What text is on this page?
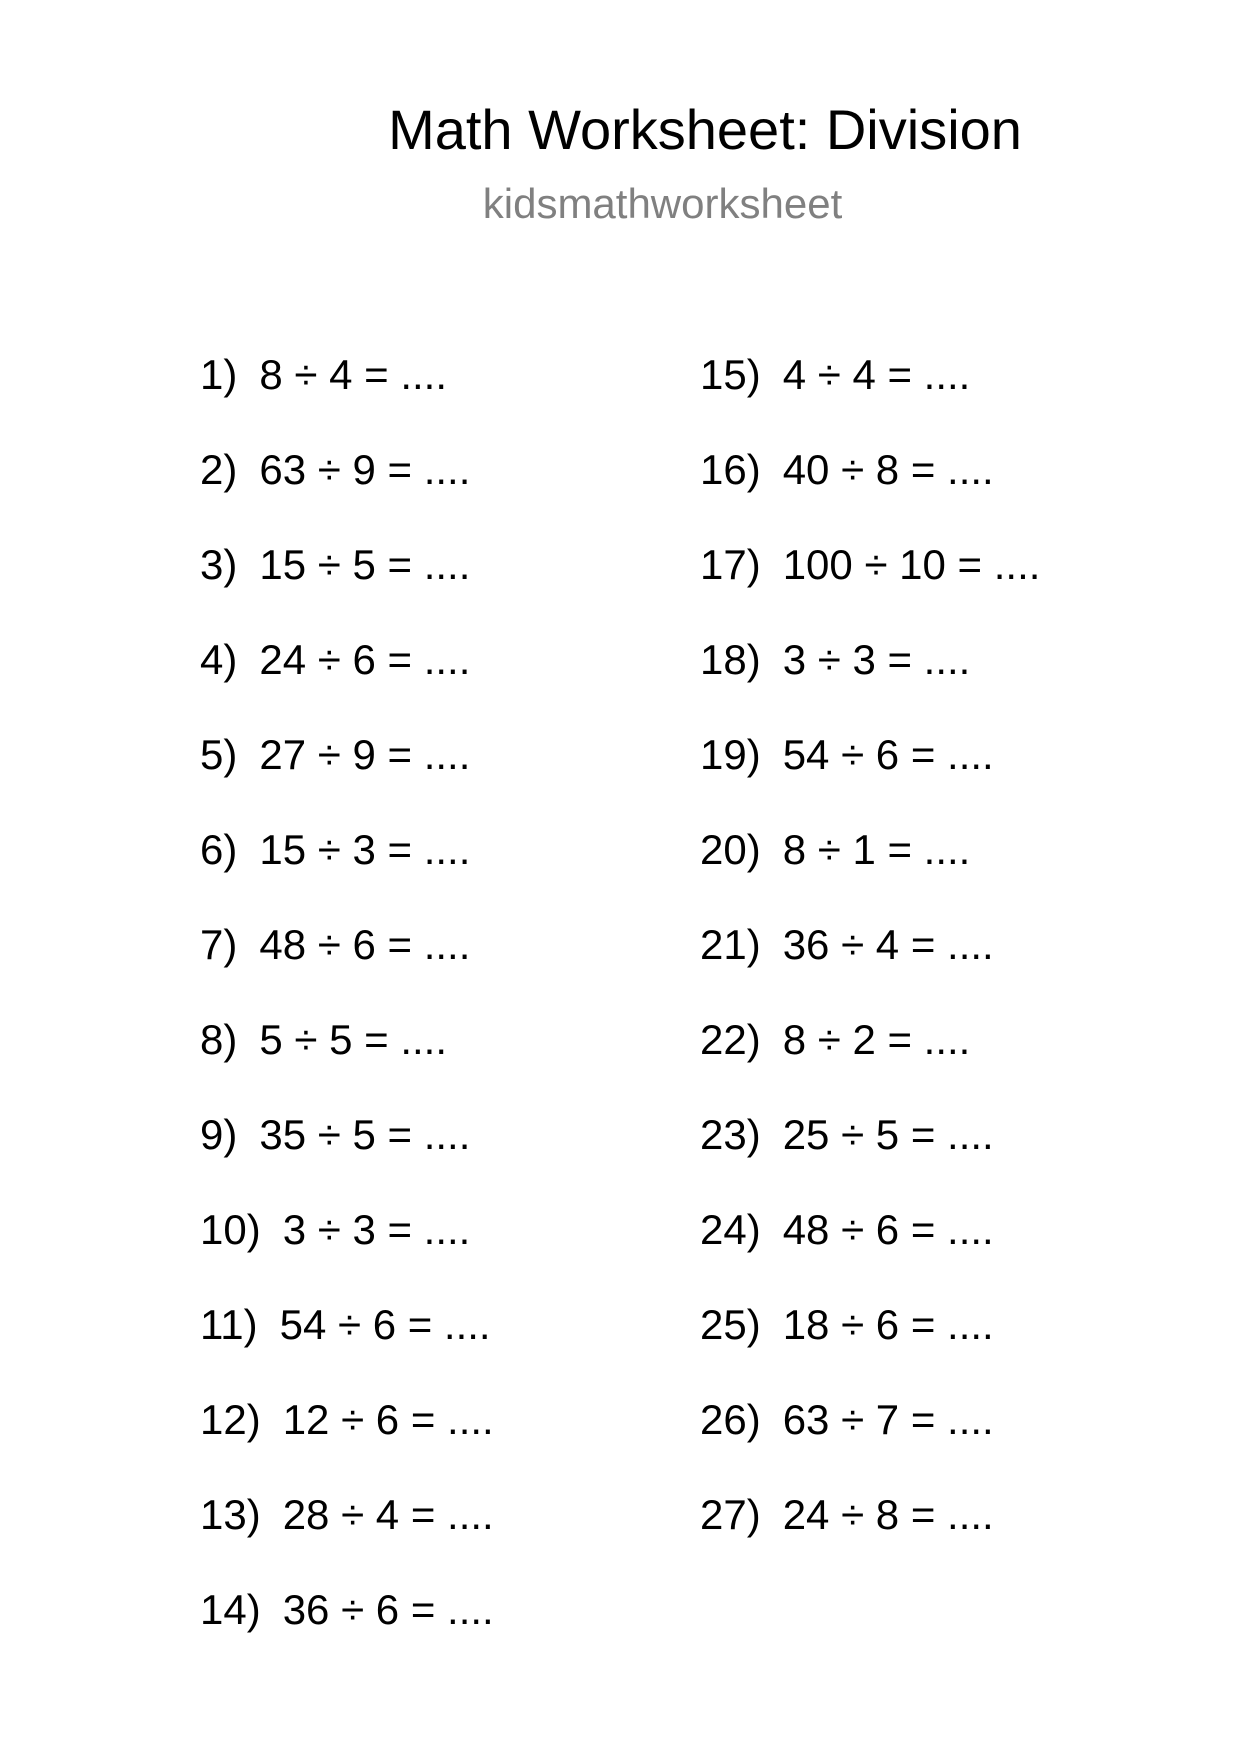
Math Worksheet: Division
kidsmathworksheet
1) 8 ÷ 4 = ....
2) 63 ÷ 9 = ....
3) 15 ÷ 5 = ....
4) 24 ÷ 6 = ....
5) 27 ÷ 9 = ....
6) 15 ÷ 3 = ....
7) 48 ÷ 6 = ....
8) 5 ÷ 5 = ....
9) 35 ÷ 5 = ....
10) 3 ÷ 3 = ....
11) 54 ÷ 6 = ....
12) 12 ÷ 6 = ....
13) 28 ÷ 4 = ....
14) 36 ÷ 6 = ....
15) 4 ÷ 4 = ....
16) 40 ÷ 8 = ....
17) 100 ÷ 10 = ....
18) 3 ÷ 3 = ....
19) 54 ÷ 6 = ....
20) 8 ÷ 1 = ....
21) 36 ÷ 4 = ....
22) 8 ÷ 2 = ....
23) 25 ÷ 5 = ....
24) 48 ÷ 6 = ....
25) 18 ÷ 6 = ....
26) 63 ÷ 7 = ....
27) 24 ÷ 8 = ....
